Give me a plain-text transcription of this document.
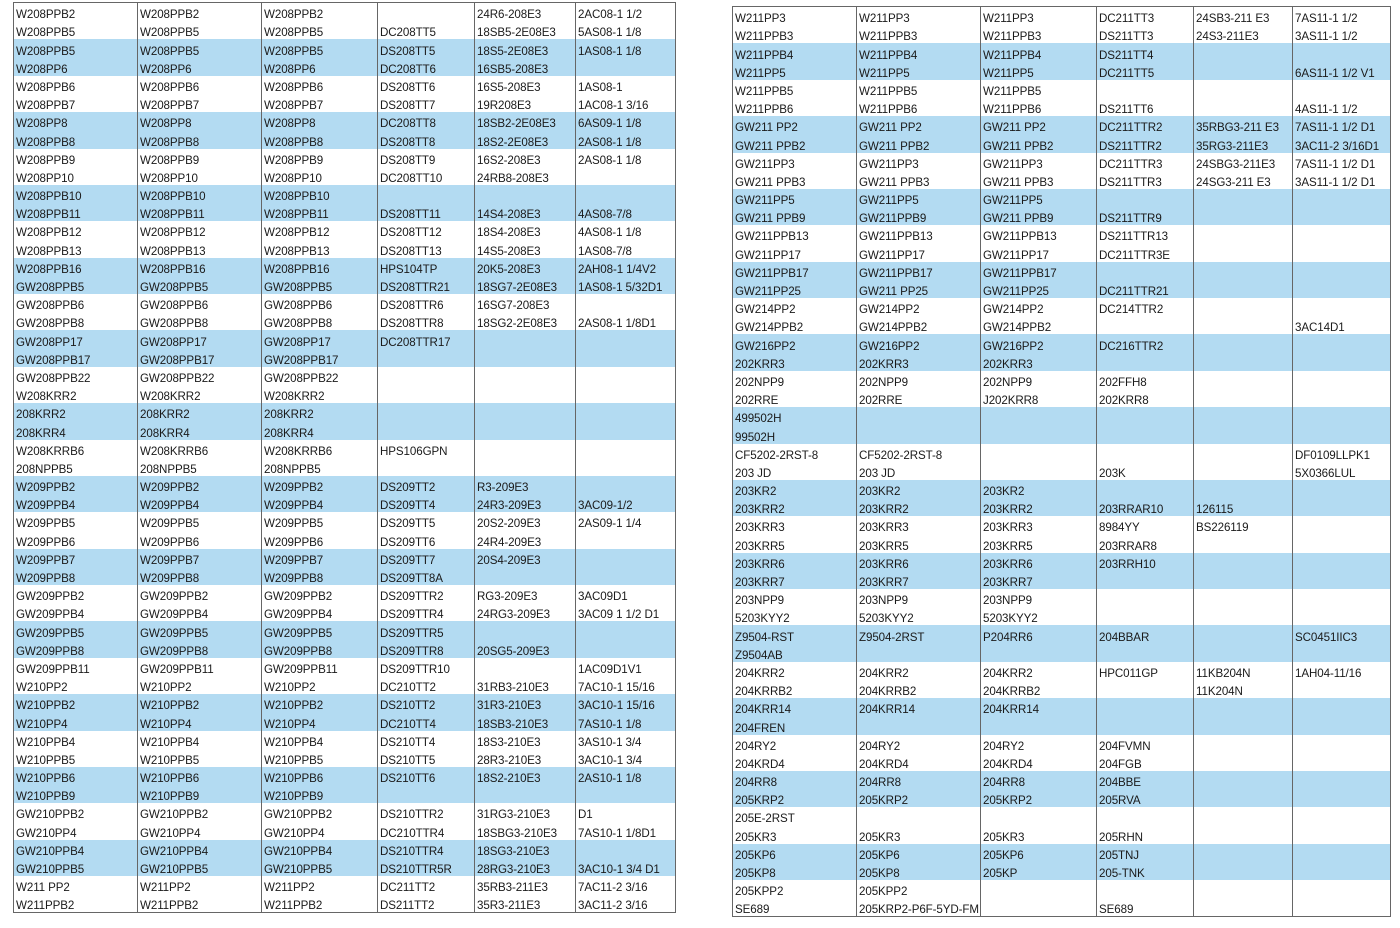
W208PPB2	W208PPB2	W208PPB2		24R6-208E3	2AC08-1 1/2
W208PPB5	W208PPB5	W208PPB5	DC208TT5	18SB5-2E08E3	5AS08-1 1/8
W208PPB5	W208PPB5	W208PPB5	DS208TT5	18S5-2E08E3	1AS08-1 1/8
W208PP6	W208PP6	W208PP6	DC208TT6	16SB5-208E3	
W208PPB6	W208PPB6	W208PPB6	DS208TT6	16S5-208E3	1AS08-1
W208PPB7	W208PPB7	W208PPB7	DS208TT7	19R208E3	1AC08-1 3/16
W208PP8	W208PP8	W208PP8	DC208TT8	18SB2-2E08E3	6AS09-1 1/8
W208PPB8	W208PPB8	W208PPB8	DS208TT8	18S2-2E08E3	2AS08-1 1/8
W208PPB9	W208PPB9	W208PPB9	DS208TT9	16S2-208E3	2AS08-1 1/8
W208PP10	W208PP10	W208PP10	DC208TT10	24RB8-208E3	
W208PPB10	W208PPB10	W208PPB10			
W208PPB11	W208PPB11	W208PPB11	DS208TT11	14S4-208E3	4AS08-7/8
W208PPB12	W208PPB12	W208PPB12	DS208TT12	18S4-208E3	4AS08-1 1/8
W208PPB13	W208PPB13	W208PPB13	DS208TT13	14S5-208E3	1AS08-7/8
W208PPB16	W208PPB16	W208PPB16	HPS104TP	20K5-208E3	2AH08-1 1/4V2
GW208PPB5	GW208PPB5	GW208PPB5	DS208TTR21	18SG7-2E08E3	1AS08-1 5/32D1
GW208PPB6	GW208PPB6	GW208PPB6	DS208TTR6	16SG7-208E3	
GW208PPB8	GW208PPB8	GW208PPB8	DS208TTR8	18SG2-2E08E3	2AS08-1 1/8D1
GW208PP17	GW208PP17	GW208PP17	DC208TTR17		
GW208PPB17	GW208PPB17	GW208PPB17			
GW208PPB22	GW208PPB22	GW208PPB22			
W208KRR2	W208KRR2	W208KRR2			
208KRR2	208KRR2	208KRR2			
208KRR4	208KRR4	208KRR4			
W208KRRB6	W208KRRB6	W208KRRB6	HPS106GPN		
208NPPB5	208NPPB5	208NPPB5			
W209PPB2	W209PPB2	W209PPB2	DS209TT2	R3-209E3	
W209PPB4	W209PPB4	W209PPB4	DS209TT4	24R3-209E3	3AC09-1/2
W209PPB5	W209PPB5	W209PPB5	DS209TT5	20S2-209E3	2AS09-1 1/4
W209PPB6	W209PPB6	W209PPB6	DS209TT6	24R4-209E3	
W209PPB7	W209PPB7	W209PPB7	DS209TT7	20S4-209E3	
W209PPB8	W209PPB8	W209PPB8	DS209TT8A		
GW209PPB2	GW209PPB2	GW209PPB2	DS209TTR2	RG3-209E3	3AC09D1
GW209PPB4	GW209PPB4	GW209PPB4	DS209TTR4	24RG3-209E3	3AC09 1 1/2 D1
GW209PPB5	GW209PPB5	GW209PPB5	DS209TTR5		
GW209PPB8	GW209PPB8	GW209PPB8	DS209TTR8	20SG5-209E3	
GW209PPB11	GW209PPB11	GW209PPB11	DS209TTR10		1AC09D1V1
W210PP2	W210PP2	W210PP2	DC210TT2	31RB3-210E3	7AC10-1 15/16
W210PPB2	W210PPB2	W210PPB2	DS210TT2	31R3-210E3	3AC10-1 15/16
W210PP4	W210PP4	W210PP4	DC210TT4	18SB3-210E3	7AS10-1 1/8
W210PPB4	W210PPB4	W210PPB4	DS210TT4	18S3-210E3	3AS10-1 3/4
W210PPB5	W210PPB5	W210PPB5	DS210TT5	28R3-210E3	3AC10-1 3/4
W210PPB6	W210PPB6	W210PPB6	DS210TT6	18S2-210E3	2AS10-1 1/8
W210PPB9	W210PPB9	W210PPB9			
GW210PPB2	GW210PPB2	GW210PPB2	DS210TTR2	31RG3-210E3	D1
GW210PP4	GW210PP4	GW210PP4	DC210TTR4	18SBG3-210E3	7AS10-1 1/8D1
GW210PPB4	GW210PPB4	GW210PPB4	DS210TTR4	18SG3-210E3	
GW210PPB5	GW210PPB5	GW210PPB5	DS210TTR5R	28RG3-210E3	3AC10-1 3/4 D1
W211 PP2	W211PP2	W211PP2	DC211TT2	35RB3-211E3	7AC11-2 3/16
W211PPB2	W211PPB2	W211PPB2	DS211TT2	35R3-211E3	3AC11-2 3/16
W211PP3	W211PP3	W211PP3	DC211TT3	24SB3-211 E3	7AS11-1 1/2
W211PPB3	W211PPB3	W211PPB3	DS211TT3	24S3-211E3	3AS11-1 1/2
W211PPB4	W211PPB4	W211PPB4	DS211TT4		
W211PP5	W211PP5	W211PP5	DC211TT5		6AS11-1 1/2 V1
W211PPB5	W211PPB5	W211PPB5			
W211PPB6	W211PPB6	W211PPB6	DS211TT6		4AS11-1 1/2
GW211 PP2	GW211 PP2	GW211 PP2	DC211TTR2	35RBG3-211 E3	7AS11-1 1/2 D1
GW211 PPB2	GW211 PPB2	GW211 PPB2	DS211TTR2	35RG3-211E3	3AC11-2 3/16D1
GW211PP3	GW211PP3	GW211PP3	DC211TTR3	24SBG3-211E3	7AS11-1 1/2 D1
GW211 PPB3	GW211 PPB3	GW211 PPB3	DS211TTR3	24SG3-211 E3	3AS11-1 1/2 D1
GW211PP5	GW211PP5	GW211PP5			
GW211 PPB9	GW211PPB9	GW211 PPB9	DS211TTR9		
GW211PPB13	GW211PPB13	GW211PPB13	DS211TTR13		
GW211PP17	GW211PP17	GW211PP17	DC211TTR3E		
GW211PPB17	GW211PPB17	GW211PPB17			
GW211PP25	GW211 PP25	GW211PP25	DC211TTR21		
GW214PP2	GW214PP2	GW214PP2	DC214TTR2		
GW214PPB2	GW214PPB2	GW214PPB2			3AC14D1
GW216PP2	GW216PP2	GW216PP2	DC216TTR2		
202KRR3	202KRR3	202KRR3			
202NPP9	202NPP9	202NPP9	202FFH8		
202RRE	202RRE	J202KRR8	202KRR8		
499502H					
99502H					
CF5202-2RST-8	CF5202-2RST-8				DF0109LLPK1
203 JD	203 JD		203K		5X0366LUL
203KR2	203KR2	203KR2			
203KRR2	203KRR2	203KRR2	203RRAR10	126115	
203KRR3	203KRR3	203KRR3	8984YY	BS226119	
203KRR5	203KRR5	203KRR5	203RRAR8		
203KRR6	203KRR6	203KRR6	203RRH10		
203KRR7	203KRR7	203KRR7			
203NPP9	203NPP9	203NPP9			
5203KYY2	5203KYY2	5203KYY2			
Z9504-RST	Z9504-2RST	P204RR6	204BBAR		SC0451IIC3
Z9504AB					
204KRR2	204KRR2	204KRR2	HPC011GP	11KB204N	1AH04-11/16
204KRRB2	204KRRB2	204KRRB2		11K204N	
204KRR14	204KRR14	204KRR14			
204FREN					
204RY2	204RY2	204RY2	204FVMN		
204KRD4	204KRD4	204KRD4	204FGB		
204RR8	204RR8	204RR8	204BBE		
205KRP2	205KRP2	205KRP2	205RVA		
205E-2RST					
205KR3	205KR3	205KR3	205RHN		
205KP6	205KP6	205KP6	205TNJ		
205KP8	205KP8	205KP	205-TNK		
205KPP2	205KPP2				
SE689	205KRP2-P6F-5YD-FM		SE689		
